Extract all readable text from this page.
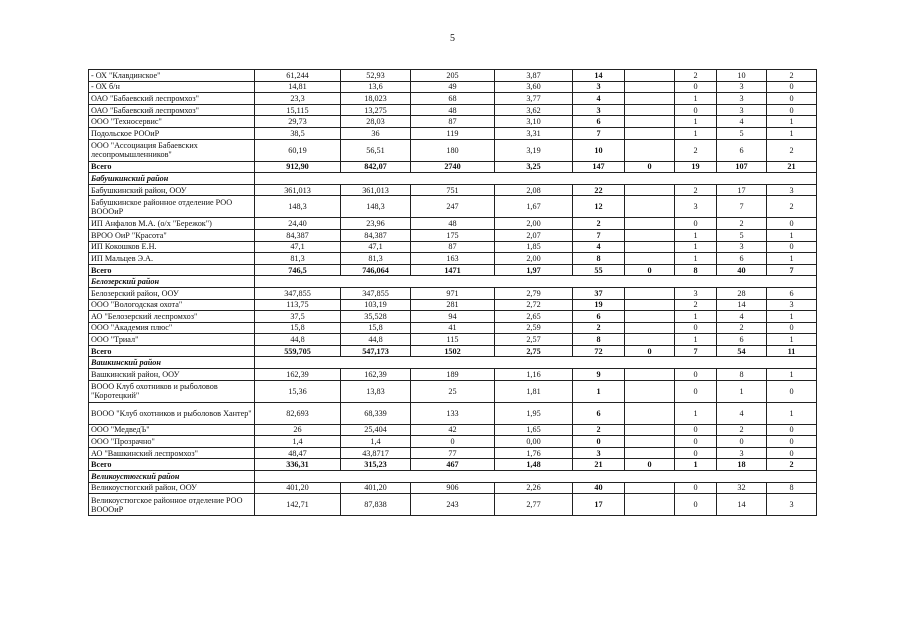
5
- ОХ "Клавдинское"	61,244	52,93	205	3,87	14		2	10	2
- ОХ б/н	14,81	13,6	49	3,60	3		0	3	0
ОАО "Бабаевский леспромхоз"	23,3	18,023	68	3,77	4		1	3	0
ОАО "Бабаевский леспромхоз"	15,115	13,275	48	3,62	3		0	3	0
ООО "Техносервис"	29,73	28,03	87	3,10	6		1	4	1
Подольское РООиР	38,5	36	119	3,31	7		1	5	1
ООО "Ассоциация Бабаевских лесопромышленников"	60,19	56,51	180	3,19	10		2	6	2
Всего	912,90	842,07	2740	3,25	147	0	19	107	21
Бабушкинский район									
Бабушкинский район, ООУ	361,013	361,013	751	2,08	22		2	17	3
Бабушкинское районное отделение РОО ВОООиР	148,3	148,3	247	1,67	12		3	7	2
ИП Анфалов М.А. (о/х "Бережок")	24,40	23,96	48	2,00	2		0	2	0
ВРОО ОиР "Красота"	84,387	84,387	175	2,07	7		1	5	1
ИП Кокошков Е.Н.	47,1	47,1	87	1,85	4		1	3	0
ИП Мальцев Э.А.	81,3	81,3	163	2,00	8		1	6	1
Всего	746,5	746,064	1471	1,97	55	0	8	40	7
Белозерский район									
Белозерский район, ООУ	347,855	347,855	971	2,79	37		3	28	6
ООО "Вологодская охота"	113,75	103,19	281	2,72	19		2	14	3
АО "Белозерский леспромхоз"	37,5	35,528	94	2,65	6		1	4	1
ООО "Академия плюс"	15,8	15,8	41	2,59	2		0	2	0
ООО "Триал"	44,8	44,8	115	2,57	8		1	6	1
Всего	559,705	547,173	1502	2,75	72	0	7	54	11
Вашкинский район									
Вашкинский район, ООУ	162,39	162,39	189	1,16	9		0	8	1
ВООО Клуб охотников и рыболовов "Коротецкий"	15,36	13,83	25	1,81	1		0	1	0
ВООО "Клуб охотников и рыболовов Хантер"	82,693	68,339	133	1,95	6		1	4	1
ООО "МедведЪ"	26	25,404	42	1,65	2		0	2	0
ООО "Прозрачно"	1,4	1,4	0	0,00	0		0	0	0
АО "Вашкинский леспромхоз"	48,47	43,8717	77	1,76	3		0	3	0
Всего	336,31	315,23	467	1,48	21	0	1	18	2
Великоустюгский район									
Великоустюгский район, ООУ	401,20	401,20	906	2,26	40		0	32	8
Великоустюгское районное отделение РОО ВОООиР	142,71	87,838	243	2,77	17		0	14	3
